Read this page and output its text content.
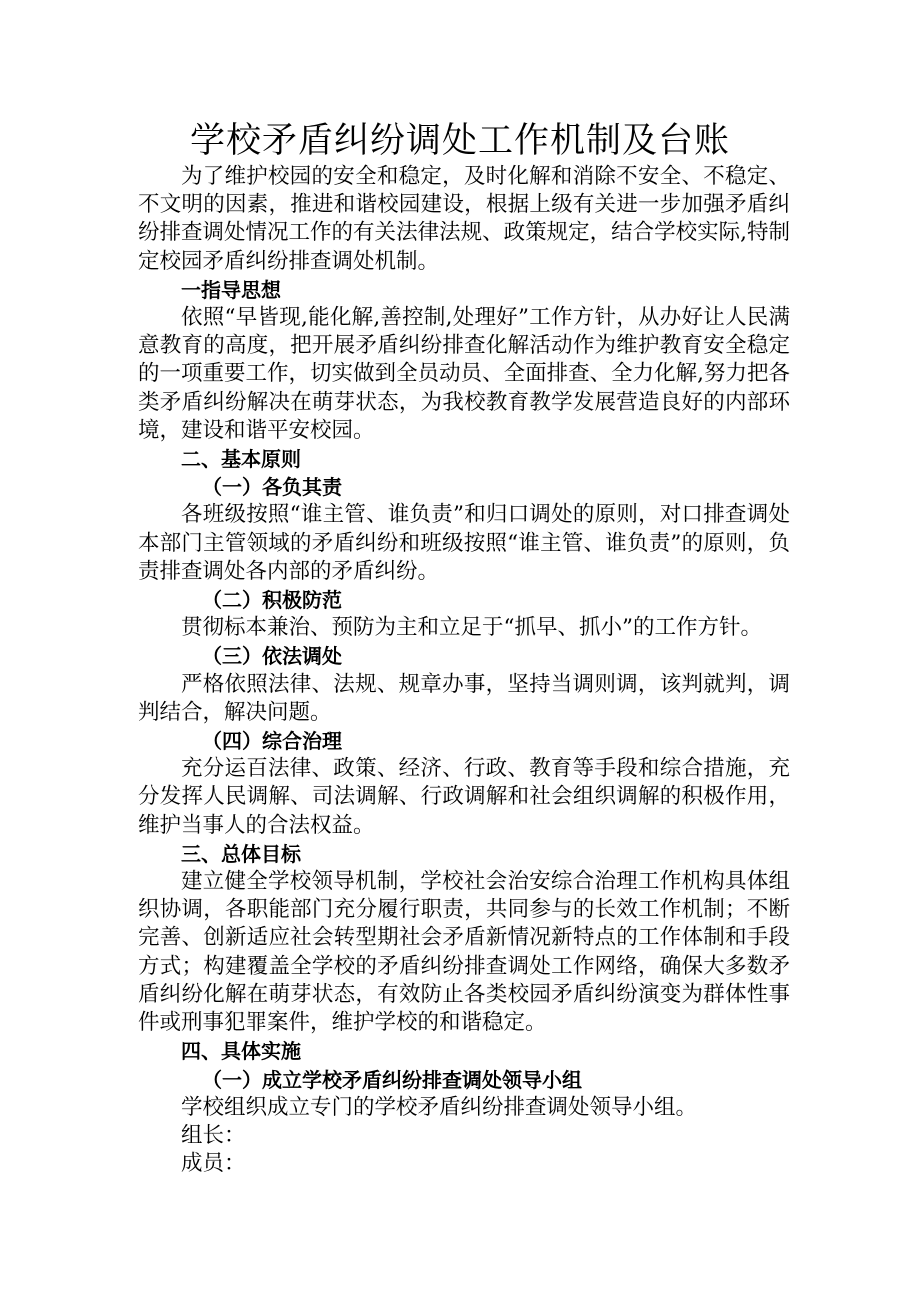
学校矛盾纠纷调处工作机制及台账

为了维护校园的安全和稳定，及时化解和消除不安全、不稳定、不文明的因素，推进和谐校园建设，根据上级有关进一步加强矛盾纠纷排查调处情况工作的有关法律法规、政策规定，结合学校实际,特制定校园矛盾纠纷排查调处机制。

一指导思想

依照“早皆现,能化解,善控制,处理好”工作方针，从办好让人民满意教育的高度，把开展矛盾纠纷排查化解活动作为维护教育安全稳定的一项重要工作，切实做到全员动员、全面排查、全力化解,努力把各类矛盾纠纷解决在萌芽状态，为我校教育教学发展营造良好的内部环境，建设和谐平安校园。

二、基本原则

（一）各负其责

各班级按照“谁主管、谁负责”和归口调处的原则，对口排查调处本部门主管领域的矛盾纠纷和班级按照“谁主管、谁负责”的原则，负责排查调处各内部的矛盾纠纷。

（二）积极防范

贯彻标本兼治、预防为主和立足于“抓早、抓小”的工作方针。

（三）依法调处

严格依照法律、法规、规章办事，坚持当调则调，该判就判，调判结合，解决问题。

（四）综合治理

充分运百法律、政策、经济、行政、教育等手段和综合措施，充分发挥人民调解、司法调解、行政调解和社会组织调解的积极作用，维护当事人的合法权益。

三、总体目标

建立健全学校领导机制，学校社会治安综合治理工作机构具体组织协调，各职能部门充分履行职责，共同参与的长效工作机制；不断完善、创新适应社会转型期社会矛盾新情况新特点的工作体制和手段方式；构建覆盖全学校的矛盾纠纷排查调处工作网络，确保大多数矛盾纠纷化解在萌芽状态，有效防止各类校园矛盾纠纷演变为群体性事件或刑事犯罪案件，维护学校的和谐稳定。

四、具体实施

（一）成立学校矛盾纠纷排查调处领导小组

学校组织成立专门的学校矛盾纠纷排查调处领导小组。

组长：

成员：
